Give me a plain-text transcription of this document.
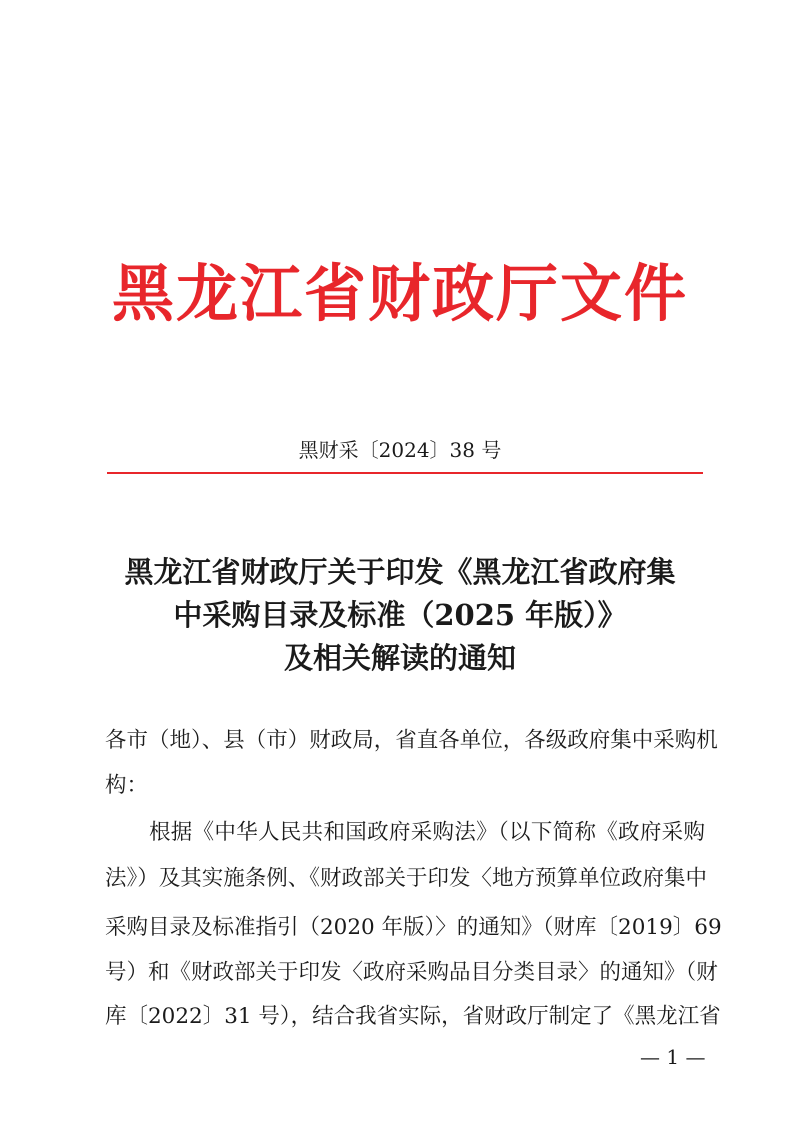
黑龙江省财政厅文件
黑财采〔2024〕38 号
黑龙江省财政厅关于印发《黑龙江省政府集
中采购目录及标准（2025 年版）》
及相关解读的通知
各市（地）、县（市）财政局，省直各单位，各级政府集中采购机
构：
根据《中华人民共和国政府采购法》（以下简称《政府采购
法》）及其实施条例、《财政部关于印发〈地方预算单位政府集中
采购目录及标准指引（2020 年版）〉的通知》（财库〔2019〕69
号）和《财政部关于印发〈政府采购品目分类目录〉的通知》（财
库〔2022〕31 号），结合我省实际，省财政厅制定了《黑龙江省
— 1 —
